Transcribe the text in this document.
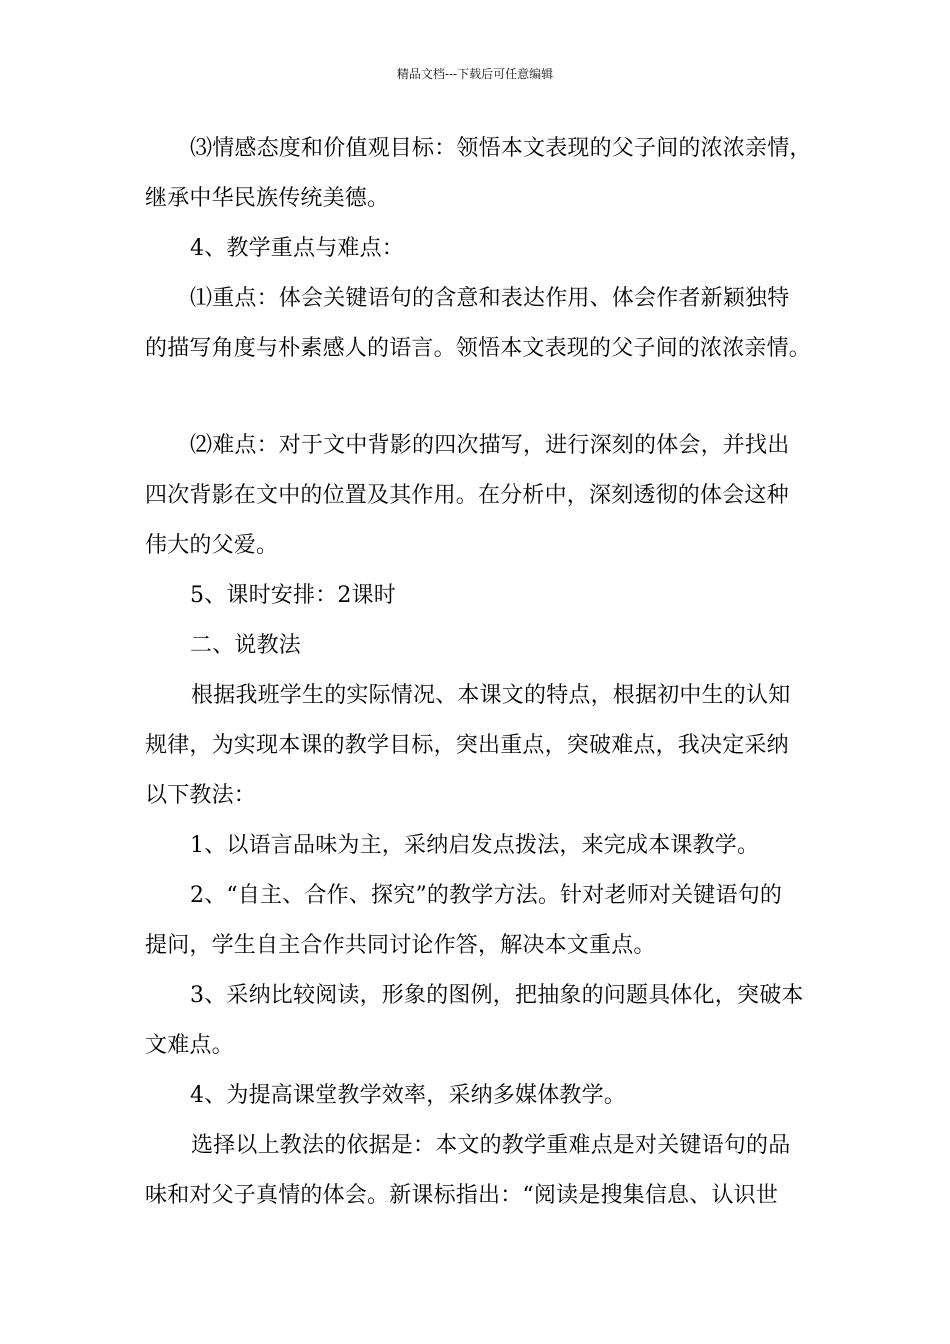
精品文档---下载后可任意编辑
⑶情感态度和价值观目标：领悟本文表现的父子间的浓浓亲情，
继承中华民族传统美德。
4、教学重点与难点：
⑴重点：体会关键语句的含意和表达作用、体会作者新颖独特
的描写角度与朴素感人的语言。领悟本文表现的父子间的浓浓亲情。
⑵难点：对于文中背影的四次描写，进行深刻的体会，并找出
四次背影在文中的位置及其作用。在分析中，深刻透彻的体会这种
伟大的父爱。
5、课时安排：2课时
二、说教法
根据我班学生的实际情况、本课文的特点，根据初中生的认知
规律，为实现本课的教学目标，突出重点，突破难点，我决定采纳
以下教法：
1、以语言品味为主，采纳启发点拨法，来完成本课教学。
2、“自主、合作、探究”的教学方法。针对老师对关键语句的
提问，学生自主合作共同讨论作答，解决本文重点。
3、采纳比较阅读，形象的图例，把抽象的问题具体化，突破本
文难点。
4、为提高课堂教学效率，采纳多媒体教学。
选择以上教法的依据是：本文的教学重难点是对关键语句的品
味和对父子真情的体会。新课标指出：“阅读是搜集信息、认识世
